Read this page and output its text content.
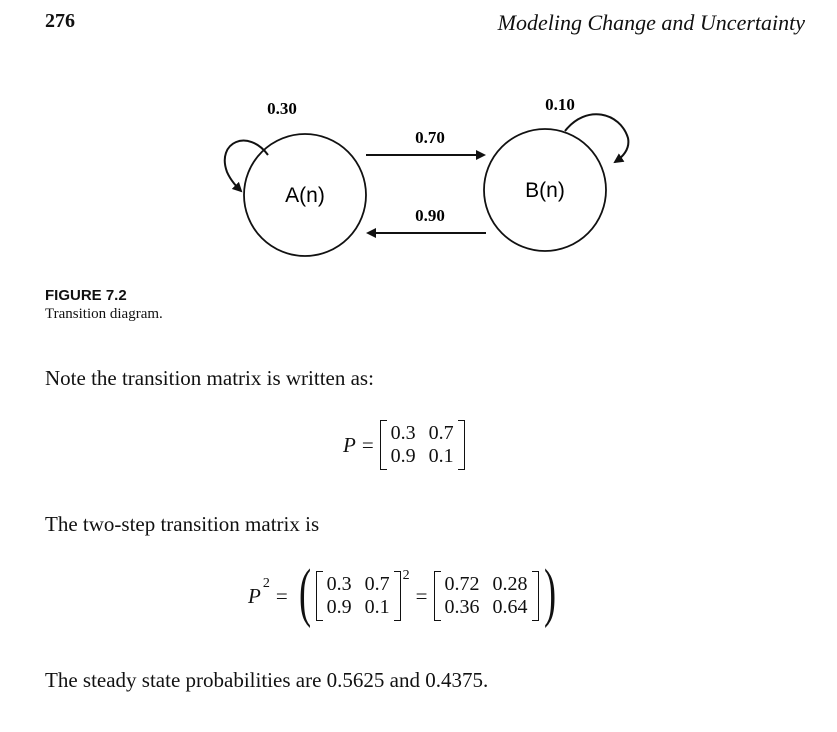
276	Modeling Change and Uncertainty
A(n)	B(n)
0.30	0.10
0.70
0.90
FIGURE 7.2
Transition diagram.
Note the transition matrix is written as:
P = 0.3 0.7
0.9 0.1
The two-step transition matrix is
P 2 = ( 0.3 0.7
0.9 0.1
2
= 0.72 0.28
0.36 0.64 )
The steady state probabilities are 0.5625 and 0.4375.
